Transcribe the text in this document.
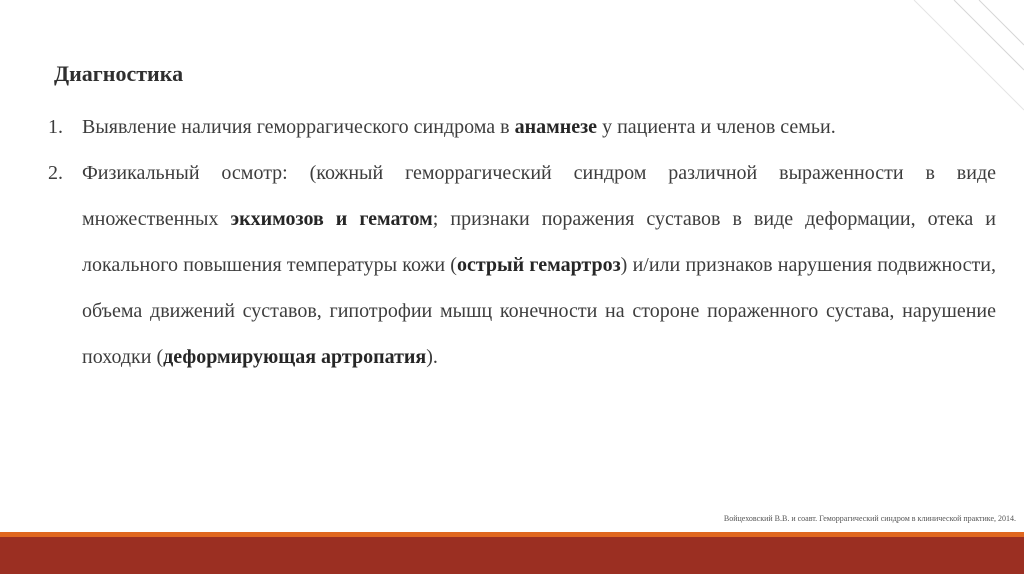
Диагностика
1. Выявление наличия геморрагического синдрома в анамнезе у пациента и членов семьи.
2. Физикальный осмотр: (кожный геморрагический синдром различной выраженности в виде множественных экхимозов и гематом; признаки поражения суставов в виде деформации, отека и локального повышения температуры кожи (острый гемартроз) и/или признаков нарушения подвижности, объема движений суставов, гипотрофии мышц конечности на стороне пораженного сустава, нарушение походки (деформирующая артропатия).
Войцеховский В.В. и соавт. Геморрагический синдром в клинической практике, 2014.
